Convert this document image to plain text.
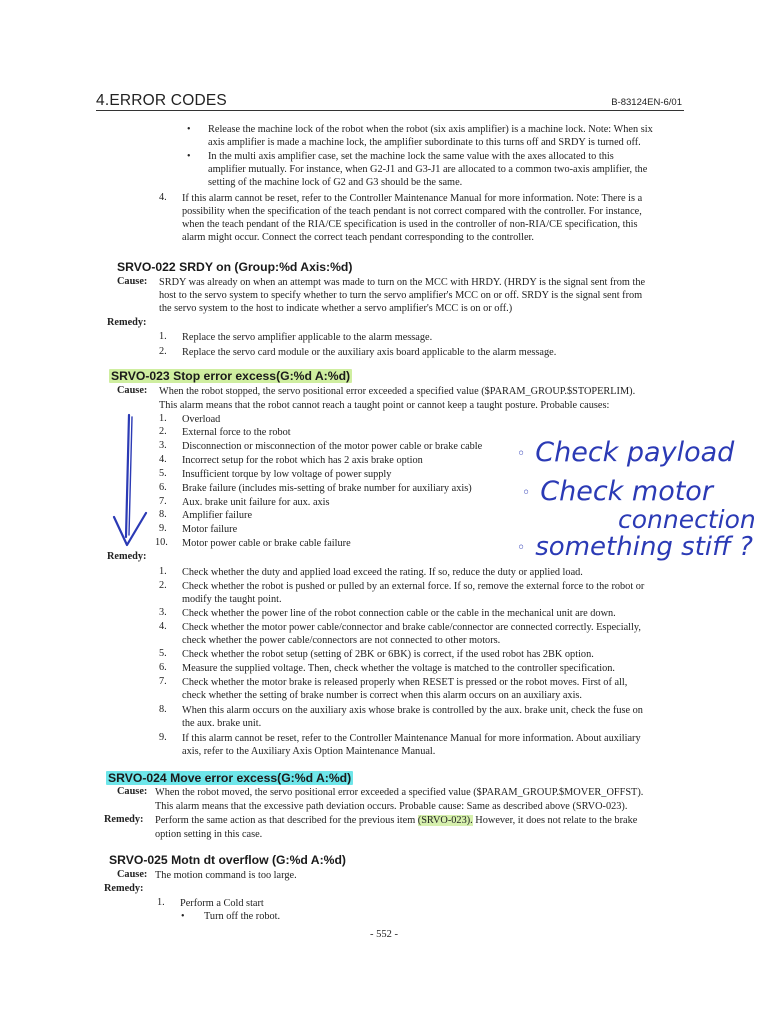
4.ERROR CODES	B-83124EN-6/01
• Release the machine lock of the robot when the robot (six axis amplifier) is a machine lock. Note: When six
axis amplifier is made a machine lock, the amplifier subordinate to this turns off and SRDY is turned off.
• In the multi axis amplifier case, set the machine lock the same value with the axes allocated to this
amplifier mutually. For instance, when G2-J1 and G3-J1 are allocated to a common two-axis amplifier, the
setting of the machine lock of G2 and G3 should be the same.
4. If this alarm cannot be reset, refer to the Controller Maintenance Manual for more information. Note: There is a
possibility when the specification of the teach pendant is not correct compared with the controller. For instance,
when the teach pendant of the RIA/CE specification is used in the controller of non-RIA/CE specification, this
alarm might occur. Connect the correct teach pendant corresponding to the controller.
SRVO-022 SRDY on (Group:%d Axis:%d)
Cause: SRDY was already on when an attempt was made to turn on the MCC with HRDY. (HRDY is the signal sent from the
host to the servo system to specify whether to turn the servo amplifier's MCC on or off. SRDY is the signal sent from
the servo system to the host to indicate whether a servo amplifier's MCC is on or off.)
Remedy:
1. Replace the servo amplifier applicable to the alarm message.
2. Replace the servo card module or the auxiliary axis board applicable to the alarm message.
SRVO-023 Stop error excess(G:%d A:%d)
Cause: When the robot stopped, the servo positional error exceeded a specified value ($PARAM_GROUP.$STOPERLIM).
This alarm means that the robot cannot reach a taught point or cannot keep a taught posture. Probable causes:
1. Overload
2. External force to the robot
3. Disconnection or misconnection of the motor power cable or brake cable
4. Incorrect setup for the robot which has 2 axis brake option
5. Insufficient torque by low voltage of power supply
6. Brake failure (includes mis-setting of brake number for auxiliary axis)
7. Aux. brake unit failure for aux. axis
8. Amplifier failure
9. Motor failure
10. Motor power cable or brake cable failure
◦ Check payload
◦ Check motor
connection
◦ something stiff ?
Remedy:
1. Check whether the duty and applied load exceed the rating. If so, reduce the duty or applied load.
2. Check whether the robot is pushed or pulled by an external force. If so, remove the external force to the robot or
modify the taught point.
3. Check whether the power line of the robot connection cable or the cable in the mechanical unit are down.
4. Check whether the motor power cable/connector and brake cable/connector are connected correctly. Especially,
check whether the power cable/connectors are not connected to other motors.
5. Check whether the robot setup (setting of 2BK or 6BK) is correct, if the used robot has 2BK option.
6. Measure the supplied voltage. Then, check whether the voltage is matched to the controller specification.
7. Check whether the motor brake is released properly when RESET is pressed or the robot moves. First of all,
check whether the setting of brake number is correct when this alarm occurs on an auxiliary axis.
8. When this alarm occurs on the auxiliary axis whose brake is controlled by the aux. brake unit, check the fuse on
the aux. brake unit.
9. If this alarm cannot be reset, refer to the Controller Maintenance Manual for more information. About auxiliary
axis, refer to the Auxiliary Axis Option Maintenance Manual.
SRVO-024 Move error excess(G:%d A:%d)
Cause: When the robot moved, the servo positional error exceeded a specified value ($PARAM_GROUP.$MOVER_OFFST).
This alarm means that the excessive path deviation occurs. Probable cause: Same as described above (SRVO-023).
Remedy: Perform the same action as that described for the previous item (SRVO-023). However, it does not relate to the brake
option setting in this case.
SRVO-025 Motn dt overflow (G:%d A:%d)
Cause: The motion command is too large.
Remedy:
1. Perform a Cold start
• Turn off the robot.
- 552 -
